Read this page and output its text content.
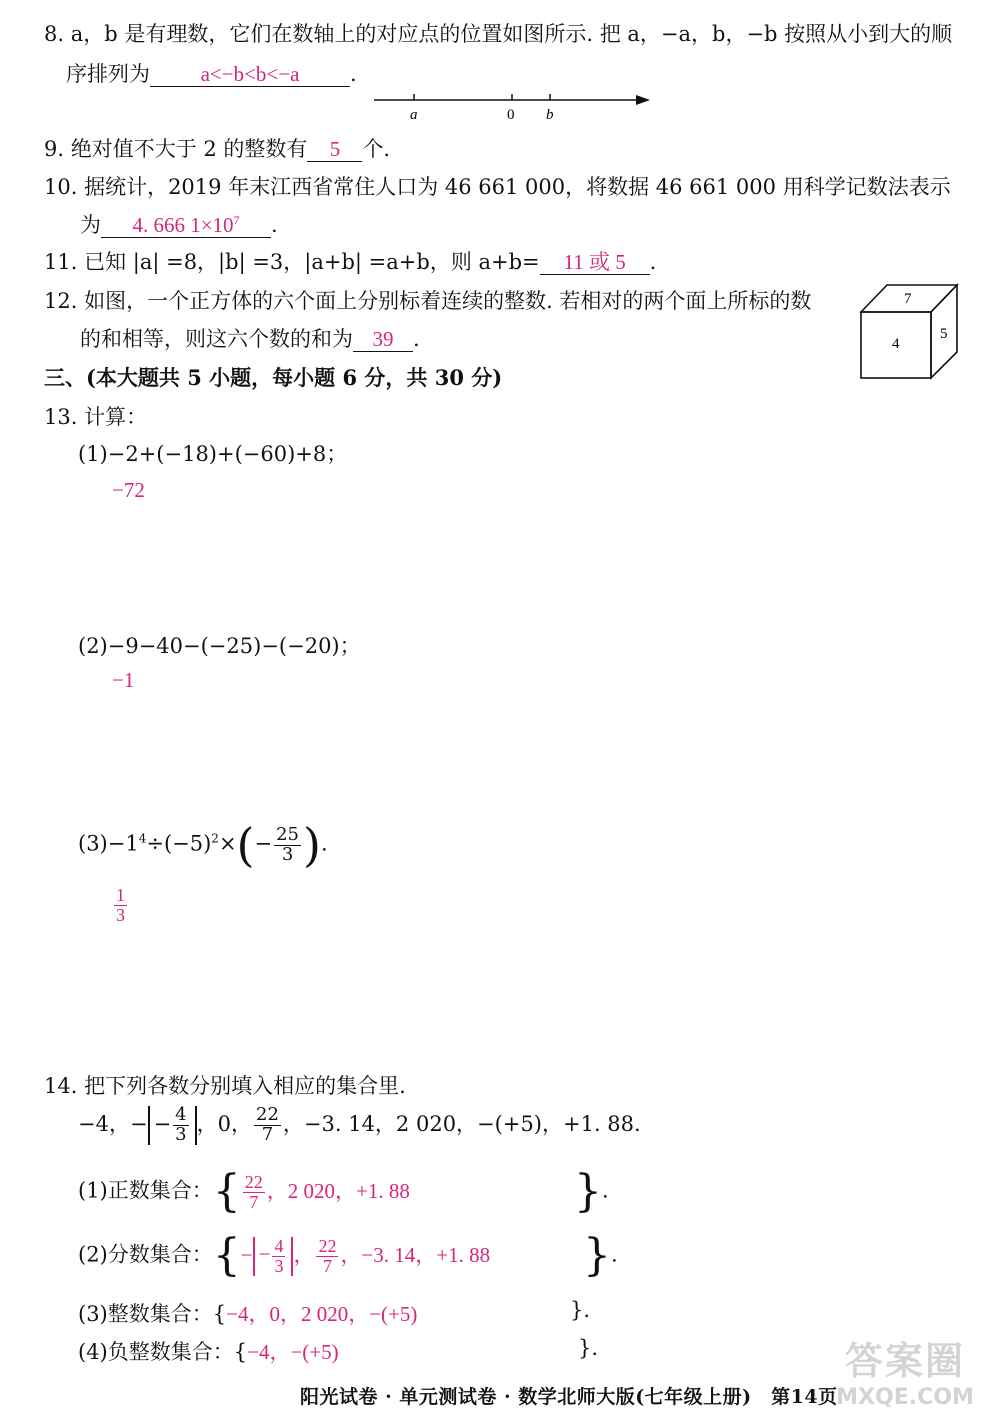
8. a，b 是有理数，它们在数轴上的对应点的位置如图所示. 把 a，−a，b，−b 按照从小到大的顺
序排列为 a<−b<b<−a .
a	0 b
9. 绝对值不大于 2 的整数有 5 个.
10. 据统计，2019 年末江西省常住人口为 46 661 000，将数据 46 661 000 用科学记数法表示
为 4. 666 $1\times 10^7$ .
11. 已知 |a| =8，|b| =3，|a+b| =a+b，则 a+b= 11 或 5 .
12. 如图，一个正方体的六个面上分别标着连续的整数. 若相对的两个面上所标的数
的和相等，则这六个数的和为 39 .
7
4
5
三、(本大题共 5 小题，每小题 6 分，共 30 分)
13. 计算：
(1)−2+(−18)+(−60)+8；
−72
(2)−9−40−(−25)−(−20)；
−1
$(3)-1^4\div(-5)^2\times(- \frac{25}{3}$ ).
$\frac{1}{3}$
14. 把下列各数分别填入相应的集合里.
−4，− − $\frac{4}{3}$ ，0， $\frac{22}{7}$ ，−3. 14，2 020，−(+5)，+1. 88.
(1)正数集合：{ $\frac{22}{7}$ ，2 020，+1. 88	}.
(2)分数集合：{− − $\frac{4}{3}$ ， $\frac{22}{7}$ ，−3. 14，+1. 88 }.
(3)整数集合：{−4，0，2 020，−(+5)	}.
(4)负整数集合：{−4，−(+5)	}.
阳光试卷 · 单元测试卷 · 数学北师大版(七年级上册)　第14页
答案圈
MXQE.COM
